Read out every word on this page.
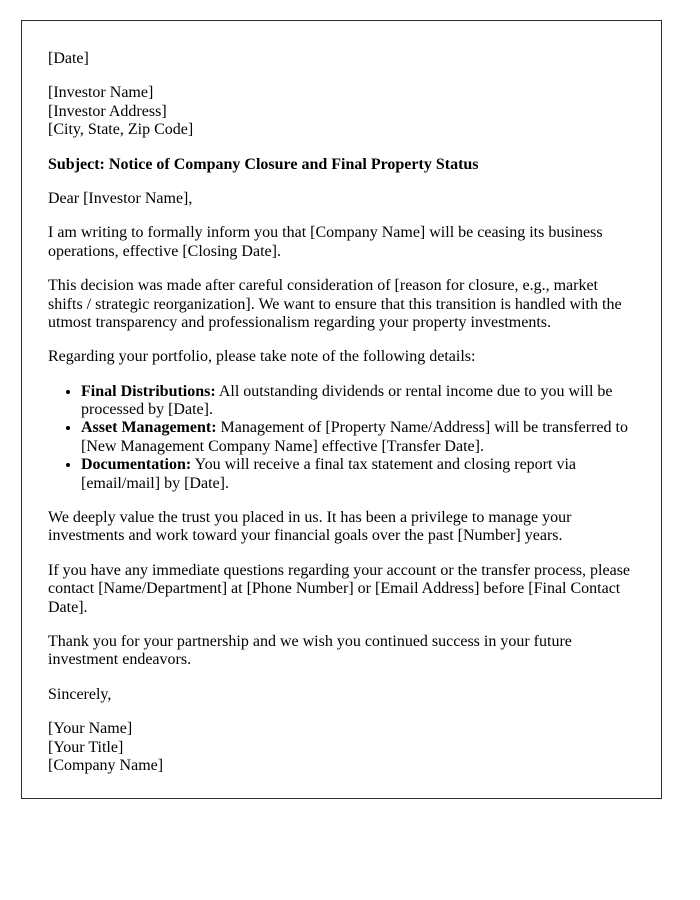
[Date]

[Investor Name]
[Investor Address]
[City, State, Zip Code]

Subject: Notice of Company Closure and Final Property Status

Dear [Investor Name],

I am writing to formally inform you that [Company Name] will be ceasing its business operations, effective [Closing Date].

This decision was made after careful consideration of [reason for closure, e.g., market shifts / strategic reorganization]. We want to ensure that this transition is handled with the utmost transparency and professionalism regarding your property investments.

Regarding your portfolio, please take note of the following details:

• Final Distributions: All outstanding dividends or rental income due to you will be processed by [Date].
• Asset Management: Management of [Property Name/Address] will be transferred to [New Management Company Name] effective [Transfer Date].
• Documentation: You will receive a final tax statement and closing report via [email/mail] by [Date].

We deeply value the trust you placed in us. It has been a privilege to manage your investments and work toward your financial goals over the past [Number] years.

If you have any immediate questions regarding your account or the transfer process, please contact [Name/Department] at [Phone Number] or [Email Address] before [Final Contact Date].

Thank you for your partnership and we wish you continued success in your future investment endeavors.

Sincerely,

[Your Name]
[Your Title]
[Company Name]
